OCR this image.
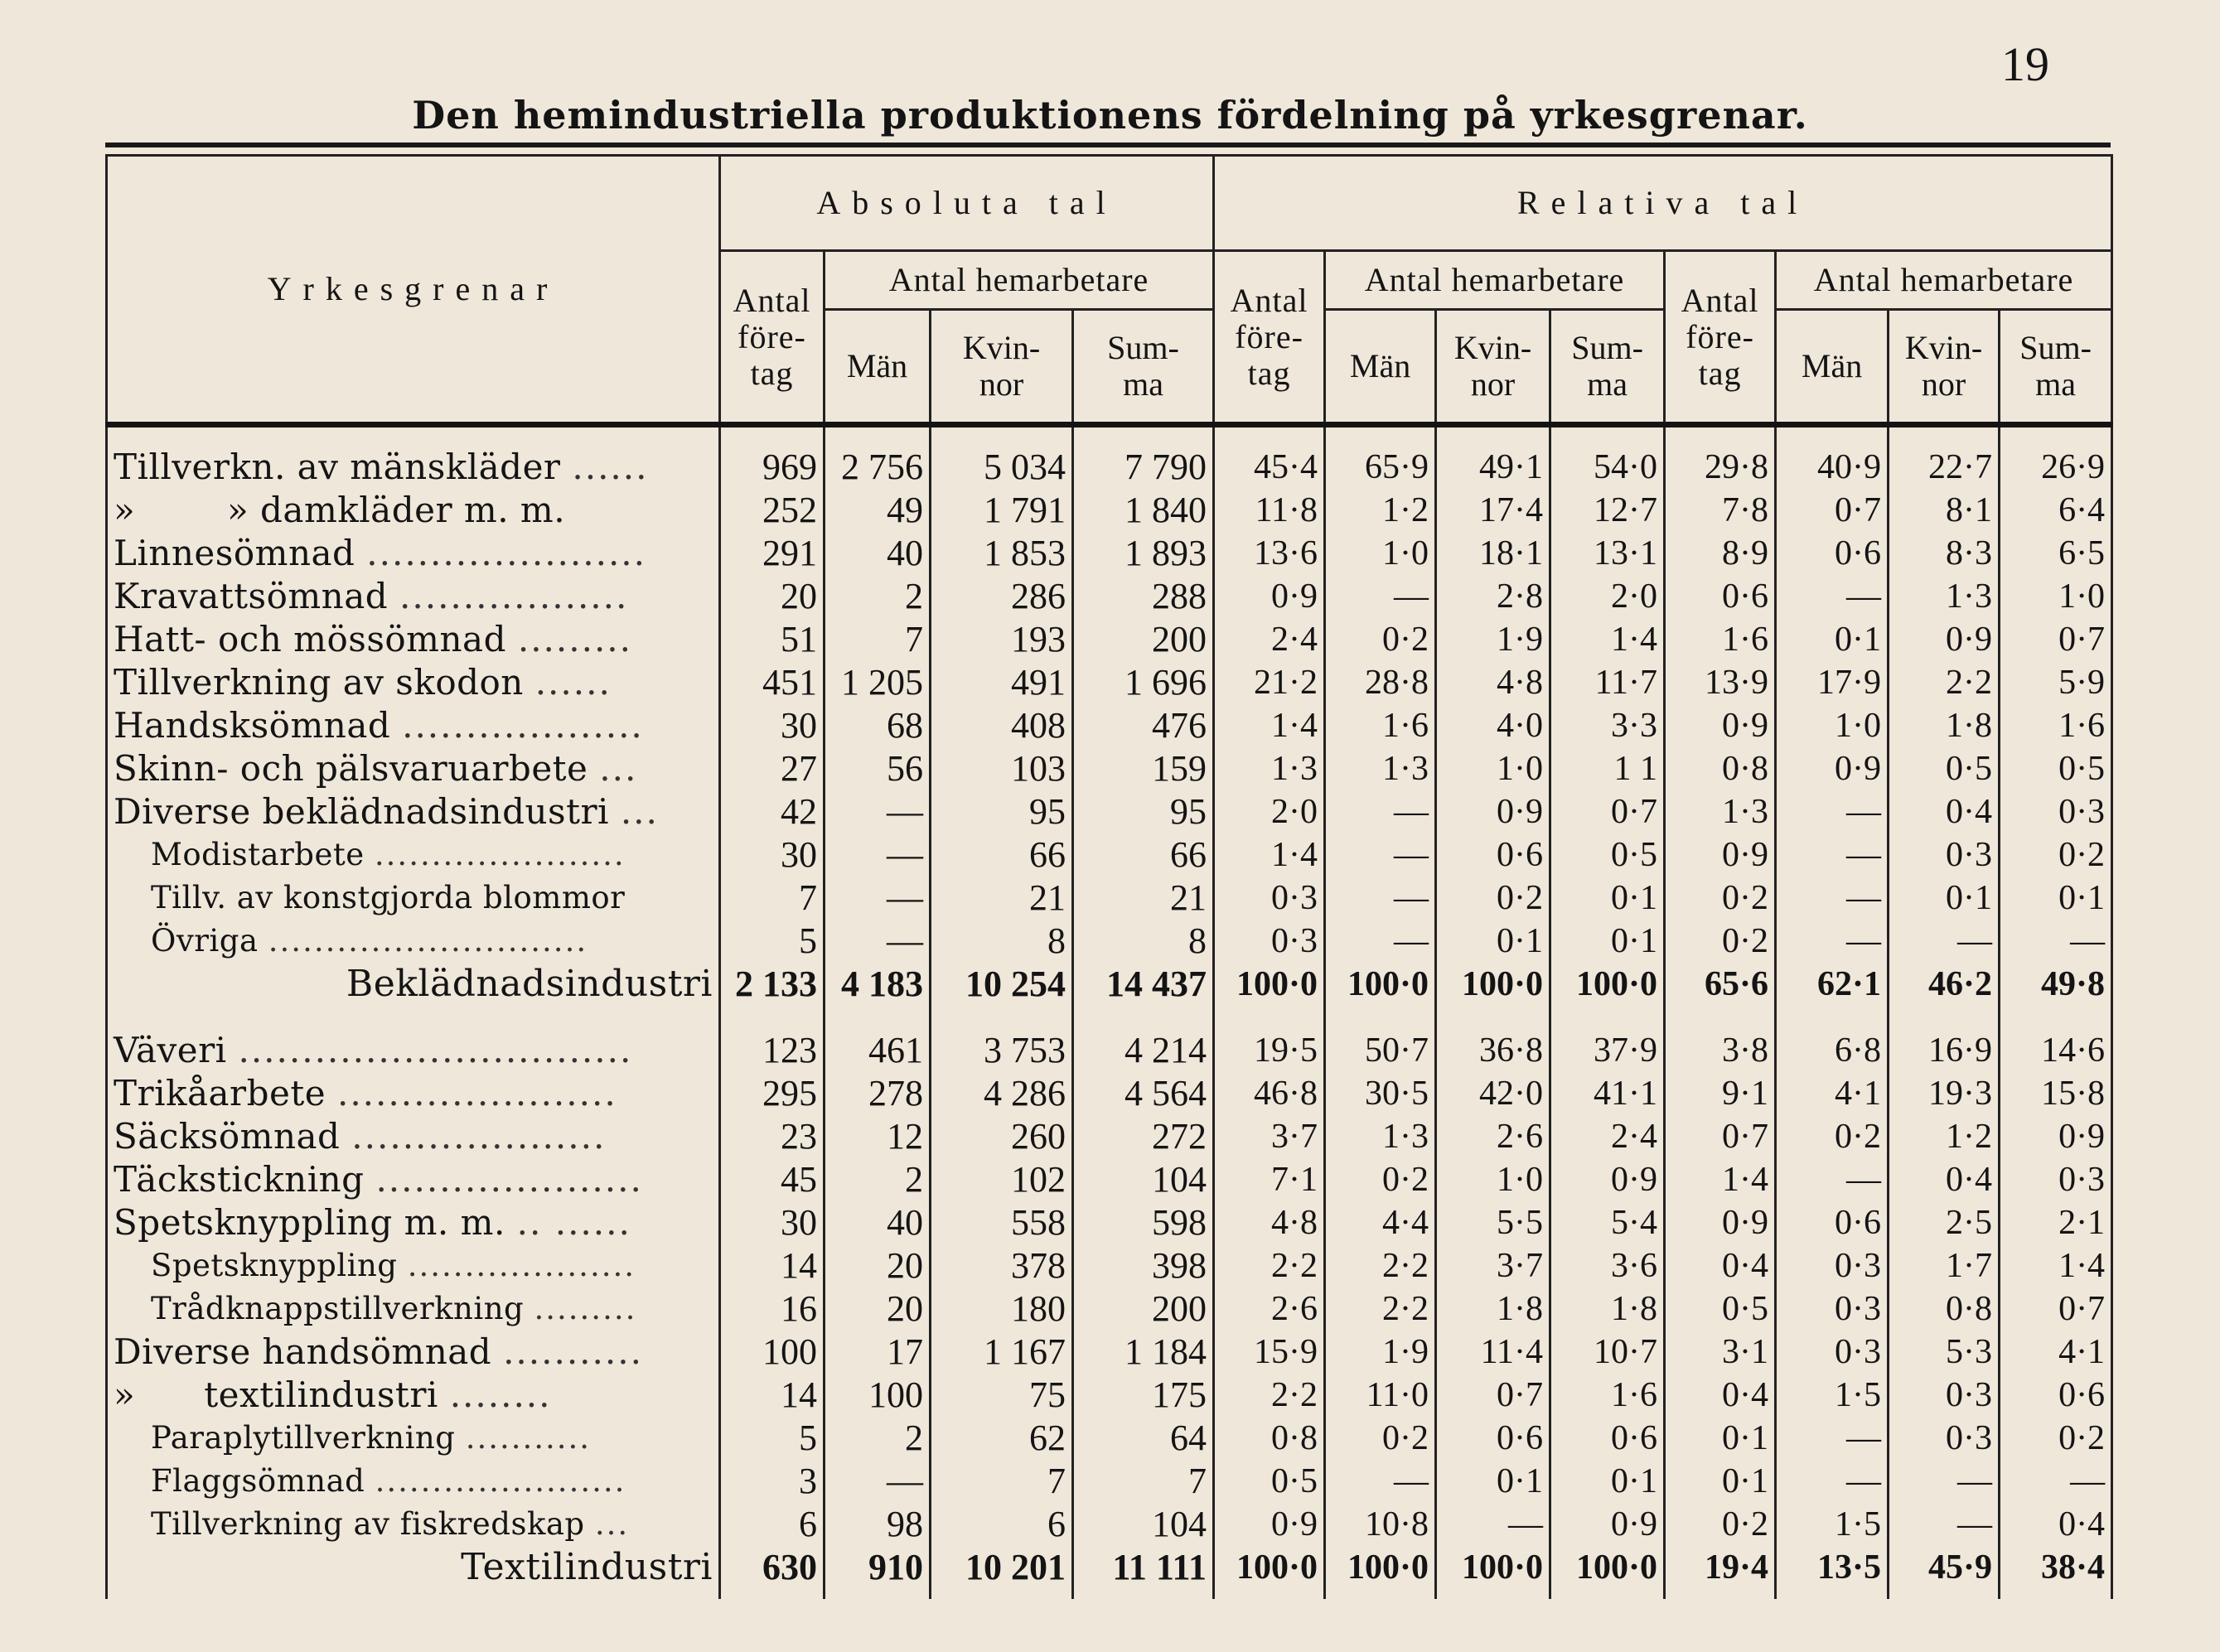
19
Den hemindustriella produktionens fördelning på yrkesgrenar.
Yrkesgrenar	Absoluta tal				Relativa tal							

	Antal
före-
tag	Antal hemarbetare			Antal
före-
tag	Antal hemarbetare			Antal
före-
tag	Antal hemarbetare		
		Män	Kvin-
nor	Sum-
ma		Män	Kvin-
nor	Sum-
ma		Män	Kvin-
nor	Sum-
ma

Tillverkn. av mänskläder ......	969	2 756	5 034	7 790	45·4	65·9	49·1	54·0	29·8	40·9	22·7	26·9
»        » damkläder m. m.	252	49	1 791	1 840	11·8	1·2	17·4	12·7	7·8	0·7	8·1	6·4
Linnesömnad ......................	291	40	1 853	1 893	13·6	1·0	18·1	13·1	8·9	0·6	8·3	6·5
Kravattsömnad ..................	20	2	286	288	0·9	—	2·8	2·0	0·6	—	1·3	1·0
Hatt- och mössömnad .........	51	7	193	200	2·4	0·2	1·9	1·4	1·6	0·1	0·9	0·7
Tillverkning av skodon ......	451	1 205	491	1 696	21·2	28·8	4·8	11·7	13·9	17·9	2·2	5·9
Handsksömnad ...................	30	68	408	476	1·4	1·6	4·0	3·3	0·9	1·0	1·8	1·6
Skinn- och pälsvaruarbete ...	27	56	103	159	1·3	1·3	1·0	1 1	0·8	0·9	0·5	0·5
Diverse beklädnadsindustri ...	42	—	95	95	2·0	—	0·9	0·7	1·3	—	0·4	0·3
Modistarbete ......................	30	—	66	66	1·4	—	0·6	0·5	0·9	—	0·3	0·2
Tillv. av konstgjorda blommor	7	—	21	21	0·3	—	0·2	0·1	0·2	—	0·1	0·1
Övriga ............................	5	—	8	8	0·3	—	0·1	0·1	0·2	—	—	—
Beklädnadsindustri	2 133	4 183	10 254	14 437	100·0	100·0	100·0	100·0	65·6	62·1	46·2	49·8
Väveri ...............................	123	461	3 753	4 214	19·5	50·7	36·8	37·9	3·8	6·8	16·9	14·6
Trikåarbete ......................	295	278	4 286	4 564	46·8	30·5	42·0	41·1	9·1	4·1	19·3	15·8
Säcksömnad ....................	23	12	260	272	3·7	1·3	2·6	2·4	0·7	0·2	1·2	0·9
Täckstickning .....................	45	2	102	104	7·1	0·2	1·0	0·9	1·4	—	0·4	0·3
Spetsknyppling m. m. .. ......	30	40	558	598	4·8	4·4	5·5	5·4	0·9	0·6	2·5	2·1
Spetsknyppling ....................	14	20	378	398	2·2	2·2	3·7	3·6	0·4	0·3	1·7	1·4
Trådknappstillverkning .........	16	20	180	200	2·6	2·2	1·8	1·8	0·5	0·3	0·8	0·7
Diverse handsömnad ...........	100	17	1 167	1 184	15·9	1·9	11·4	10·7	3·1	0·3	5·3	4·1
»      textilindustri ........	14	100	75	175	2·2	11·0	0·7	1·6	0·4	1·5	0·3	0·6
Paraplytillverkning ...........	5	2	62	64	0·8	0·2	0·6	0·6	0·1	—	0·3	0·2
Flaggsömnad ......................	3	—	7	7	0·5	—	0·1	0·1	0·1	—	—	—
Tillverkning av fiskredskap ...	6	98	6	104	0·9	10·8	—	0·9	0·2	1·5	—	0·4
Textilindustri	630	910	10 201	11 111	100·0	100·0	100·0	100·0	19·4	13·5	45·9	38·4
